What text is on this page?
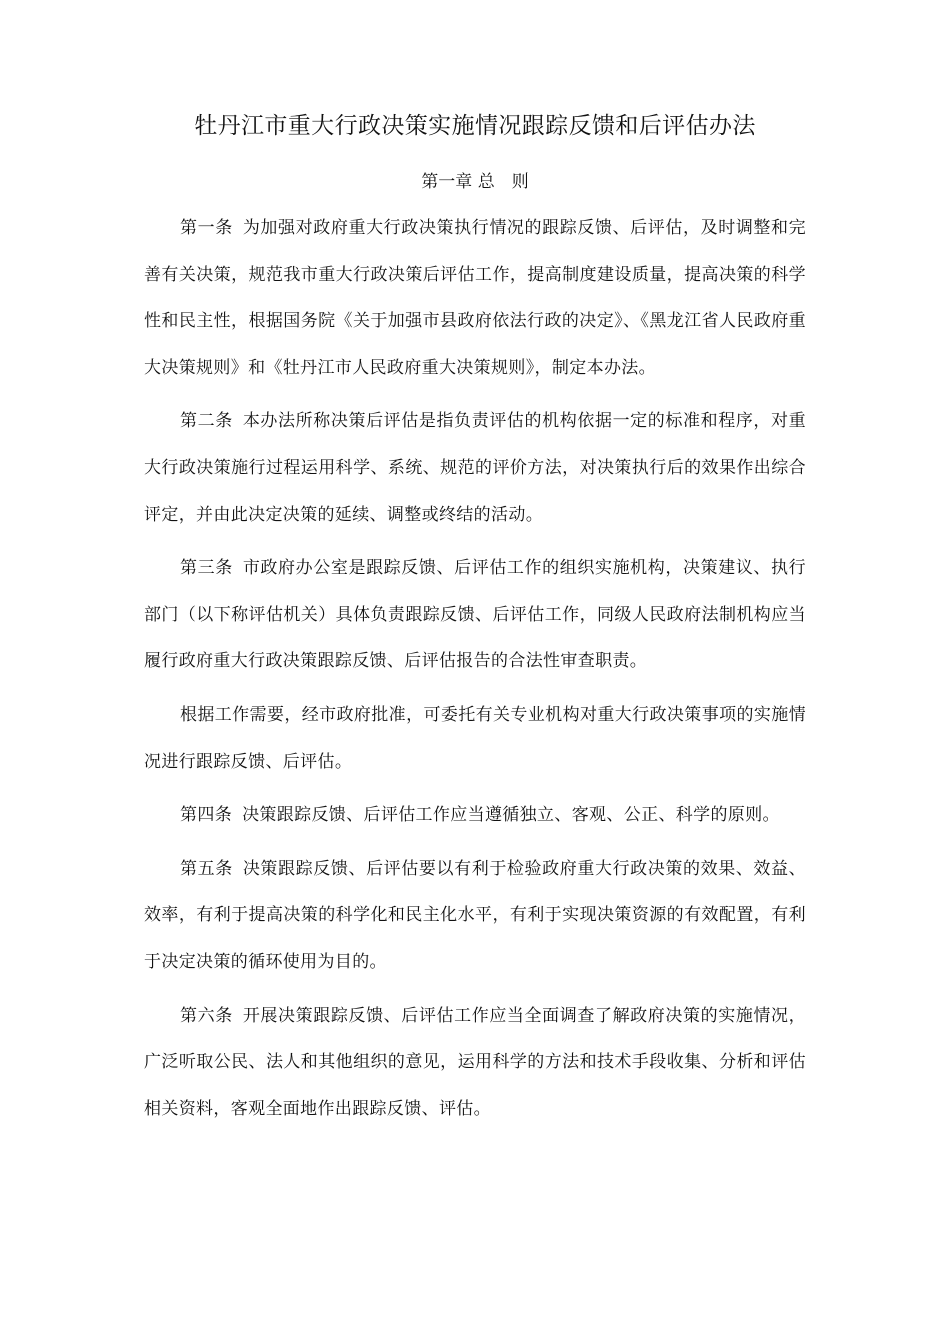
牡丹江市重大行政决策实施情况跟踪反馈和后评估办法
第一章 总　则

第一条 为加强对政府重大行政决策执行情况的跟踪反馈、后评估，及时调整和完善有关决策，规范我市重大行政决策后评估工作，提高制度建设质量，提高决策的科学性和民主性，根据国务院《关于加强市县政府依法行政的决定》、《黑龙江省人民政府重大决策规则》和《牡丹江市人民政府重大决策规则》，制定本办法。

第二条 本办法所称决策后评估是指负责评估的机构依据一定的标准和程序，对重大行政决策施行过程运用科学、系统、规范的评价方法，对决策执行后的效果作出综合评定，并由此决定决策的延续、调整或终结的活动。

第三条 市政府办公室是跟踪反馈、后评估工作的组织实施机构，决策建议、执行部门（以下称评估机关）具体负责跟踪反馈、后评估工作，同级人民政府法制机构应当履行政府重大行政决策跟踪反馈、后评估报告的合法性审查职责。

根据工作需要，经市政府批准，可委托有关专业机构对重大行政决策事项的实施情况进行跟踪反馈、后评估。

第四条 决策跟踪反馈、后评估工作应当遵循独立、客观、公正、科学的原则。

第五条 决策跟踪反馈、后评估要以有利于检验政府重大行政决策的效果、效益、效率，有利于提高决策的科学化和民主化水平，有利于实现决策资源的有效配置，有利于决定决策的循环使用为目的。

第六条 开展决策跟踪反馈、后评估工作应当全面调查了解政府决策的实施情况，广泛听取公民、法人和其他组织的意见，运用科学的方法和技术手段收集、分析和评估相关资料，客观全面地作出跟踪反馈、评估。
